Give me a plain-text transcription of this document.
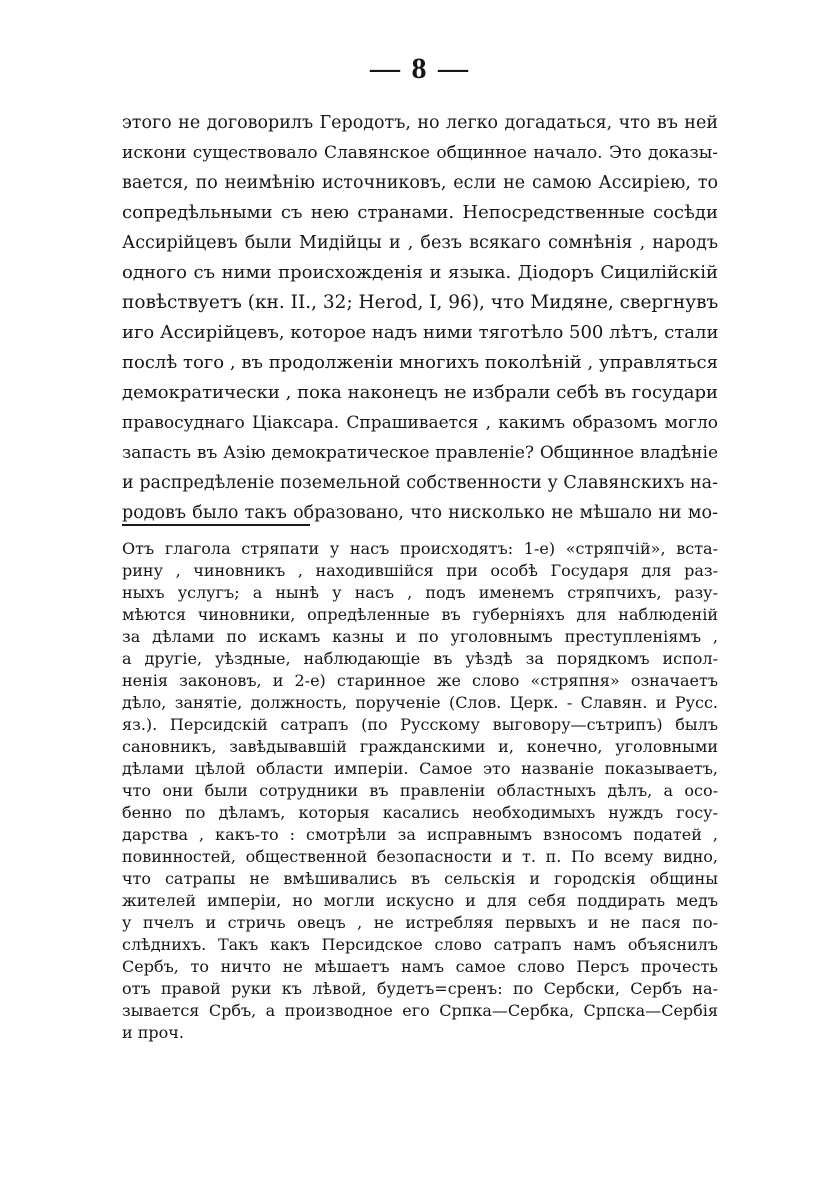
— 8 —
этого не договорилъ Геродотъ, но легко догадаться, что въ ней
искони существовало Славянское общинное начало. Это доказы-
вается, по неимѣнію источниковъ, если не самою Ассиріею, то
сопредѣльными съ нею странами. Непосредственные сосѣди
Ассирійцевъ были Мидійцы и , безъ всякаго сомнѣнія , народъ
одного съ ними происхожденія и языка. Діодоръ Сицилійскій
повѣствуетъ (кн. II., 32; Herod, I, 96), что Мидяне, свергнувъ
иго Ассирійцевъ, которое надъ ними тяготѣло 500 лѣтъ, стали
послѣ того , въ продолженіи многихъ поколѣній , управляться
демократически , пока наконецъ не избрали себѣ въ государи
правосуднаго Ціаксара. Спрашивается , какимъ образомъ могло
запасть въ Азію демократическое правленіе? Общинное владѣніе
и распредѣленіе поземельной собственности у Славянскихъ на-
родовъ было такъ образовано, что нисколько не мѣшало ни мо-
Отъ глагола стряпати у насъ происходятъ: 1-е) «стряпчій», вста-
рину , чиновникъ , находившійся при особѣ Государя для раз-
ныхъ услугъ; а нынѣ у насъ , подъ именемъ стряпчихъ, разу-
мѣются чиновники, опредѣленные въ губерніяхъ для наблюденій
за дѣлами по искамъ казны и по уголовнымъ преступленіямъ ,
а другіе, уѣздные, наблюдающіе въ уѣздѣ за порядкомъ испол-
ненія законовъ, и 2-е) старинное же слово «стряпня» означаетъ
дѣло, занятіе, должность, порученіе (Слов. Церк. - Славян. и Русс.
яз.). Персидскій сатрапъ (по Русскому выговору—сътрипъ) былъ
сановникъ, завѣдывавшій гражданскими и, конечно, уголовными
дѣлами цѣлой области имперіи. Самое это названіе показываетъ,
что они были сотрудники въ правленіи областныхъ дѣлъ, а осо-
бенно по дѣламъ, которыя касались необходимыхъ нуждъ госу-
дарства , какъ-то : смотрѣли за исправнымъ взносомъ податей ,
повинностей, общественной безопасности и т. п. По всему видно,
что сатрапы не вмѣшивались въ сельскія и городскія общины
жителей имперіи, но могли искусно и для себя поддирать медъ
у пчелъ и стричь овецъ , не истребляя первыхъ и не пася по-
слѣднихъ. Такъ какъ Персидское слово сатрапъ намъ объяснилъ
Сербъ, то ничто не мѣшаетъ намъ самое слово Персъ прочесть
отъ правой руки къ лѣвой, будетъ=сренъ: по Сербски, Сербъ на-
зывается Србъ, а производное его Српка—Сербка, Српска—Сербія
и проч.
